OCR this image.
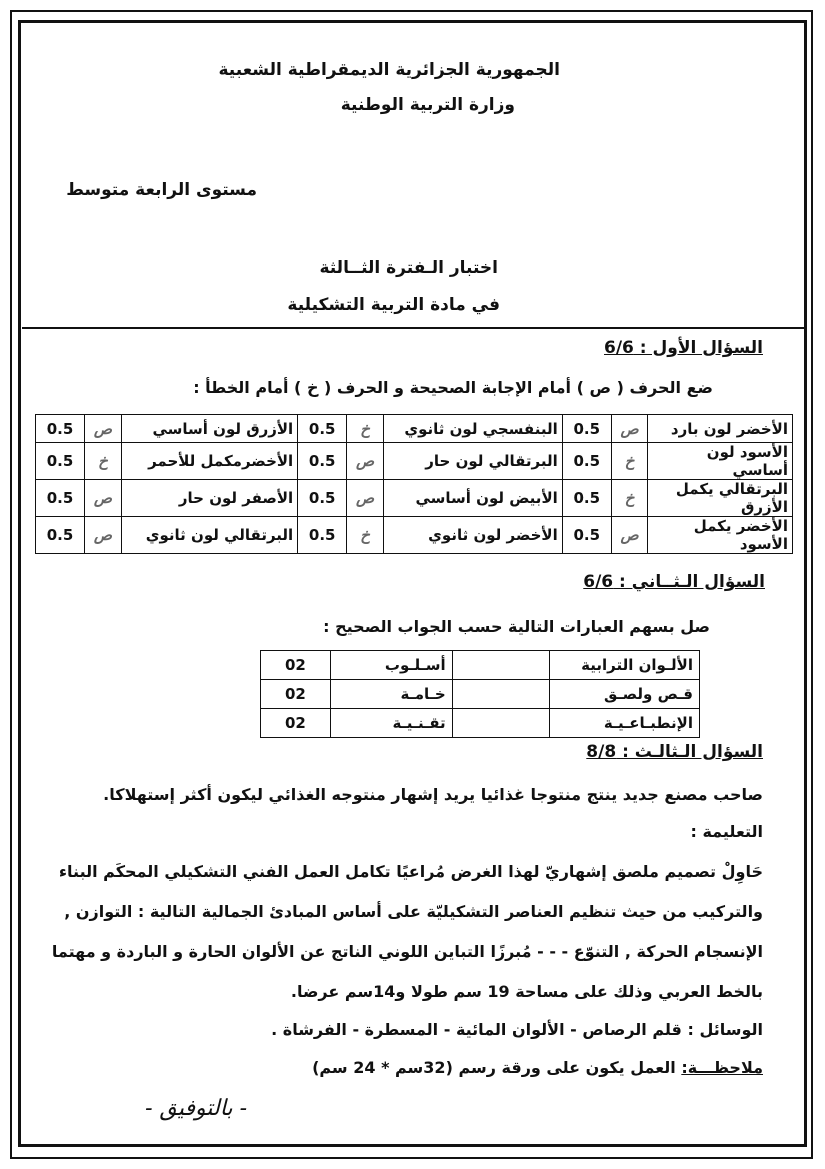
الجمهورية الجزائرية الديمقراطية الشعبية
وزارة التربية الوطنية
مستوى الرابعة متوسط
اختبار الـفترة الثــالثة
في مادة التربية التشكيلية
السؤال الأول : 6/6
ضع الحرف ( ص ) أمام الإجابة الصحيحة و الحرف ( خ ) أمام الخطأ :
الأخضر لون بارد	ص	0.5	البنفسجي لون ثانوي	خ	0.5	الأزرق لون أساسي	ص	0.5
الأسود لون أساسي	خ	0.5	البرتقالي لون حار	ص	0.5	الأخضرمكمل للأحمر	خ	0.5
البرتقالي يكمل الأزرق	خ	0.5	الأبيض لون أساسي	ص	0.5	الأصفر لون حار	ص	0.5
الأخضر يكمل الأسود	ص	0.5	الأخضر لون ثانوي	خ	0.5	البرتقالي لون ثانوي	ص	0.5
السؤال الـثــاني : 6/6
صل بسهم العبارات التالية حسب الجواب الصحيح :
الألـوان الترابية		أسـلـوب	02
قـص ولصـق		خـامـة	02
الإنطبـاعـيـة		تقـنـيـة	02
السؤال الـثالـث : 8/8
صاحب مصنع جديد ينتج منتوجا غذائيا يريد إشهار منتوجه الغذائي ليكون أكثر إستهلاكا.
التعليمة :
حَاوِلْ تصميم ملصق إشهاريّ لهذا الغرض مُراعيًا تكامل العمل الفني التشكيلي المحكَم البناء
والتركيب من حيث تنظيم العناصر التشكيليّة على أساس المبادئ الجمالية التالية : التوازن ,
الإنسجام الحركة , التنوّع - - - مُبرزًا التباين اللوني الناتج عن الألوان الحارة و الباردة و مهتما
بالخط العربي وذلك على مساحة 19 سم طولا و14سم عرضا.
الوسائل : قلم الرصاص - الألوان المائية - المسطرة - الفرشاة .
ملاحظـــة: العمل يكون على ورقة رسم (32سم * 24 سم)
- بالتوفيق -
